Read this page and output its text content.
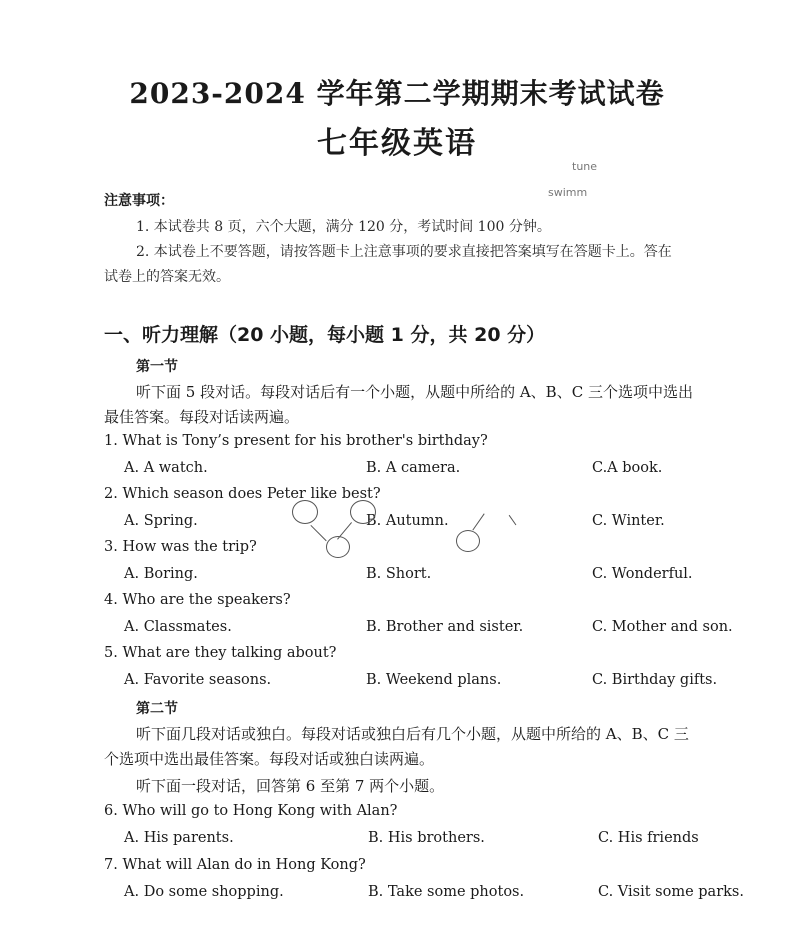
2023-2024 学年第二学期期末考试试卷
七年级英语
tune
swimm
注意事项：
1. 本试卷共 8 页，六个大题，满分 120 分，考试时间 100 分钟。
2. 本试卷上不要答题，请按答题卡上注意事项的要求直接把答案填写在答题卡上。答在
试卷上的答案无效。
一、听力理解（20 小题，每小题 1 分，共 20 分）
第一节
听下面 5 段对话。每段对话后有一个小题，从题中所给的 A、B、C 三个选项中选出
最佳答案。每段对话读两遍。
1. What is Tony’s present for his brother's birthday?
A. A watch.	B. A camera.	C.A book.
2. Which season does Peter like best?
A. Spring.	B. Autumn.	C. Winter.
3. How was the trip?
A. Boring.	B. Short.	C. Wonderful.
4. Who are the speakers?
A. Classmates.	B. Brother and sister.	C. Mother and son.
5. What are they talking about?
A. Favorite seasons.	B. Weekend plans.	C. Birthday gifts.
第二节
听下面几段对话或独白。每段对话或独白后有几个小题，从题中所给的 A、B、C 三
个选项中选出最佳答案。每段对话或独白读两遍。
听下面一段对话，回答第 6 至第 7 两个小题。
6. Who will go to Hong Kong with Alan?
A. His parents.	B. His brothers.	C. His friends
7. What will Alan do in Hong Kong?
A. Do some shopping.	B. Take some photos.	C. Visit some parks.
